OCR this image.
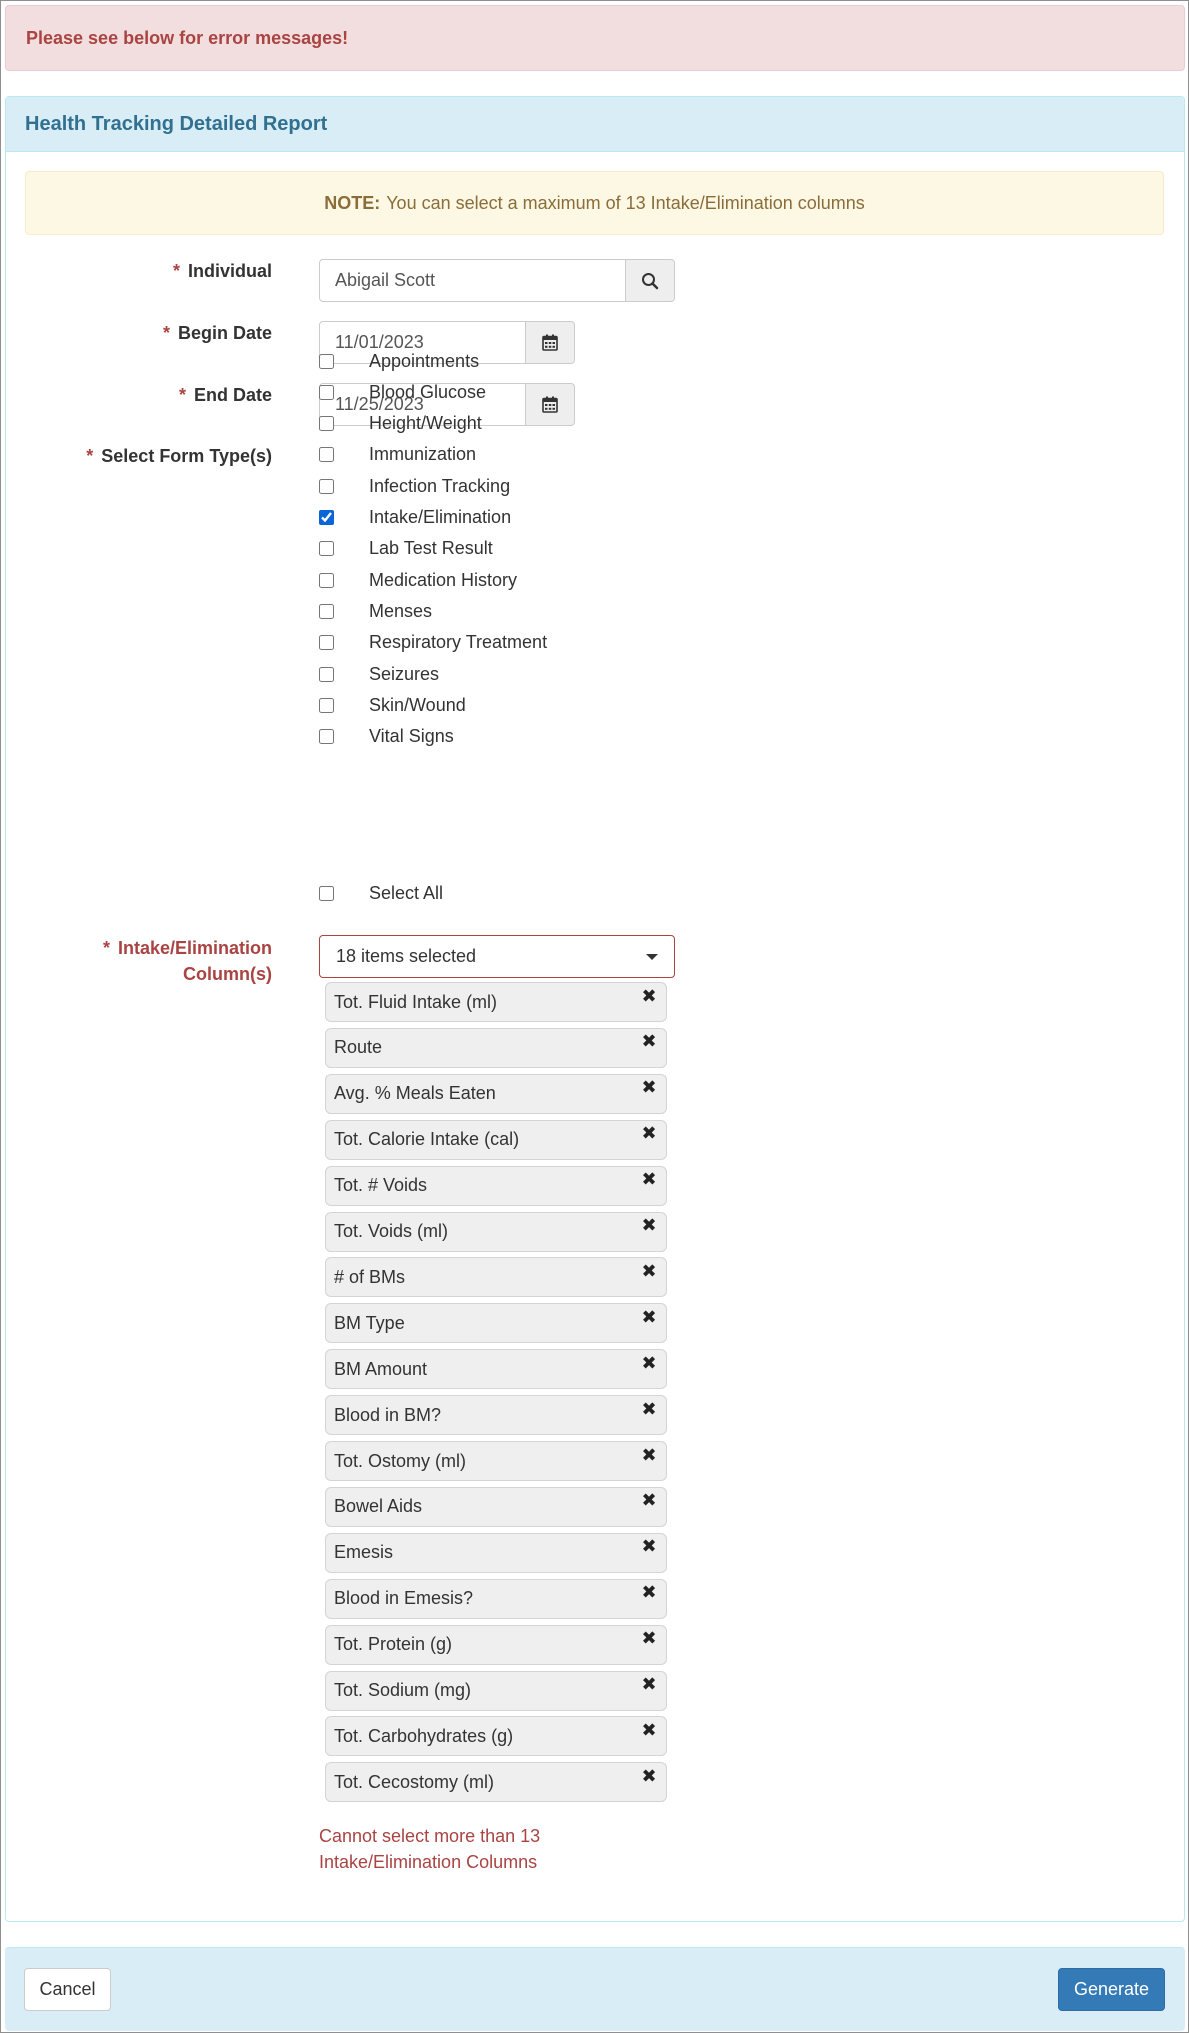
Please see below for error messages!
Health Tracking Detailed Report
NOTE: You can select a maximum of 13 Intake/Elimination columns
* Individual
Abigail Scott
* Begin Date
11/01/2023
* End Date
11/25/2023
* Select Form Type(s)
Appointments
Blood Glucose
Height/Weight
Immunization
Infection Tracking
Intake/Elimination
Lab Test Result
Medication History
Menses
Respiratory Treatment
Seizures
Skin/Wound
Vital Signs
Select All
* Intake/Elimination
Column(s)
18 items selected
Tot. Fluid Intake (ml)	✖
Route	✖
Avg. % Meals Eaten	✖
Tot. Calorie Intake (cal)	✖
Tot. # Voids	✖
Tot. Voids (ml)	✖
# of BMs	✖
BM Type	✖
BM Amount	✖
Blood in BM?	✖
Tot. Ostomy (ml)	✖
Bowel Aids	✖
Emesis	✖
Blood in Emesis?	✖
Tot. Protein (g)	✖
Tot. Sodium (mg)	✖
Tot. Carbohydrates (g)	✖
Tot. Cecostomy (ml)	✖
Cannot select more than 13
Intake/Elimination Columns
Cancel	Generate
